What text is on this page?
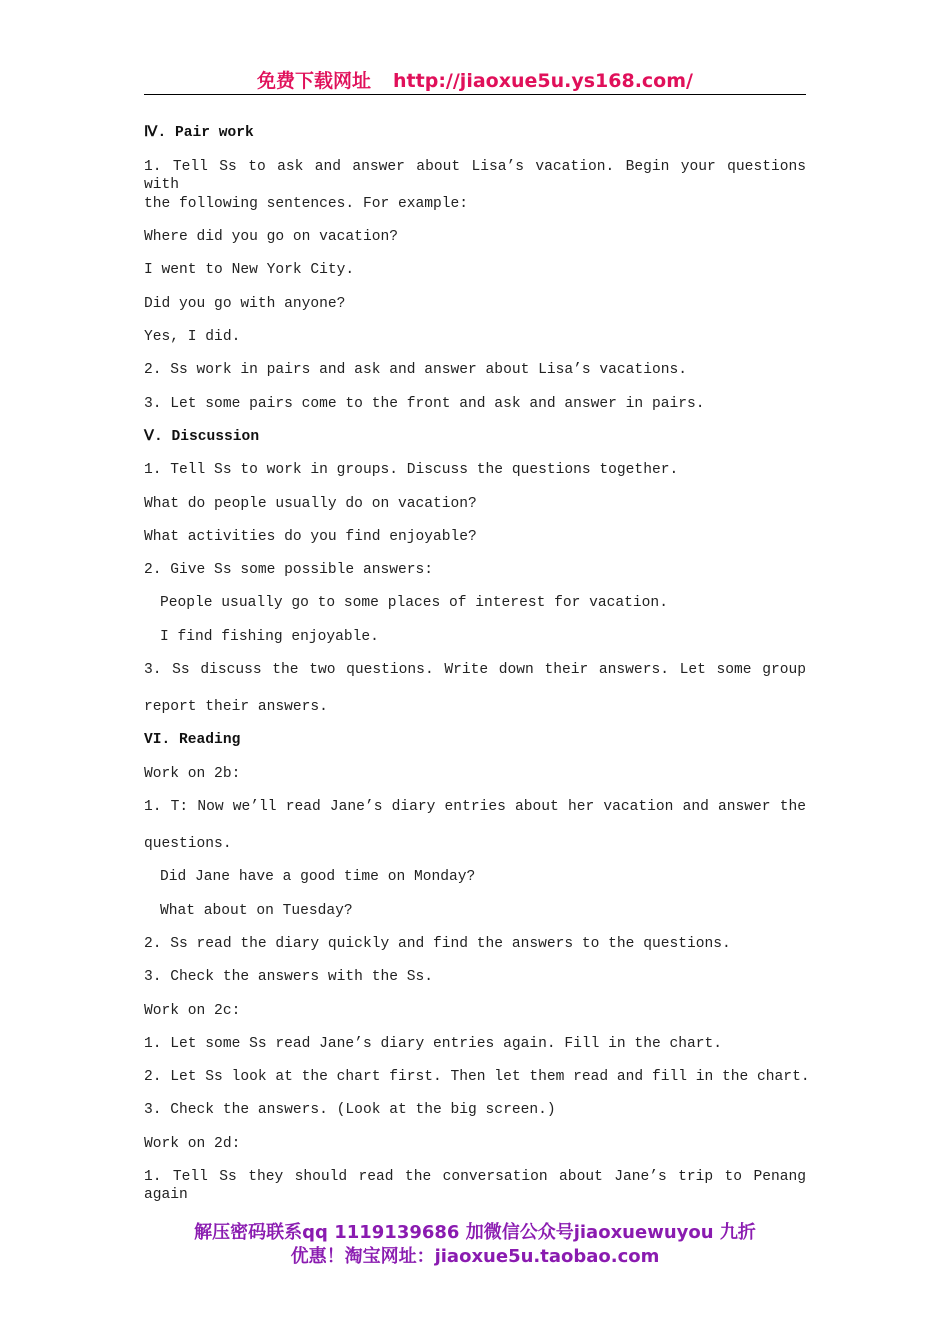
免费下载网址 http://jiaoxue5u.ys168.com/
Ⅳ. Pair work
1. Tell Ss to ask and answer about Lisa’s vacation. Begin your questions with
the following sentences. For example:
Where did you go on vacation?
I went to New York City.
Did you go with anyone?
Yes, I did.
2. Ss work in pairs and ask and answer about Lisa’s vacations.
3. Let some pairs come to the front and ask and answer in pairs.
Ⅴ. Discussion
1. Tell Ss to work in groups. Discuss the questions together.
What do people usually do on vacation?
What activities do you find enjoyable?
2. Give Ss some possible answers:
People usually go to some places of interest for vacation.
I find fishing enjoyable.
3. Ss discuss the two questions. Write down their answers. Let some group
report their answers.
VI. Reading
Work on 2b:
1. T: Now we’ll read Jane’s diary entries about her vacation and answer the
questions.
Did Jane have a good time on Monday?
What about on Tuesday?
2. Ss read the diary quickly and find the answers to the questions.
3. Check the answers with the Ss.
Work on 2c:
1. Let some Ss read Jane’s diary entries again. Fill in the chart.
2. Let Ss look at the chart first. Then let them read and fill in the chart.
3. Check the answers. (Look at the big screen.)
Work on 2d:
1. Tell Ss they should read the conversation about Jane’s trip to Penang again
解压密码联系qq 1119139686 加微信公众号jiaoxuewuyou 九折
优惠！淘宝网址：jiaoxue5u.taobao.com
